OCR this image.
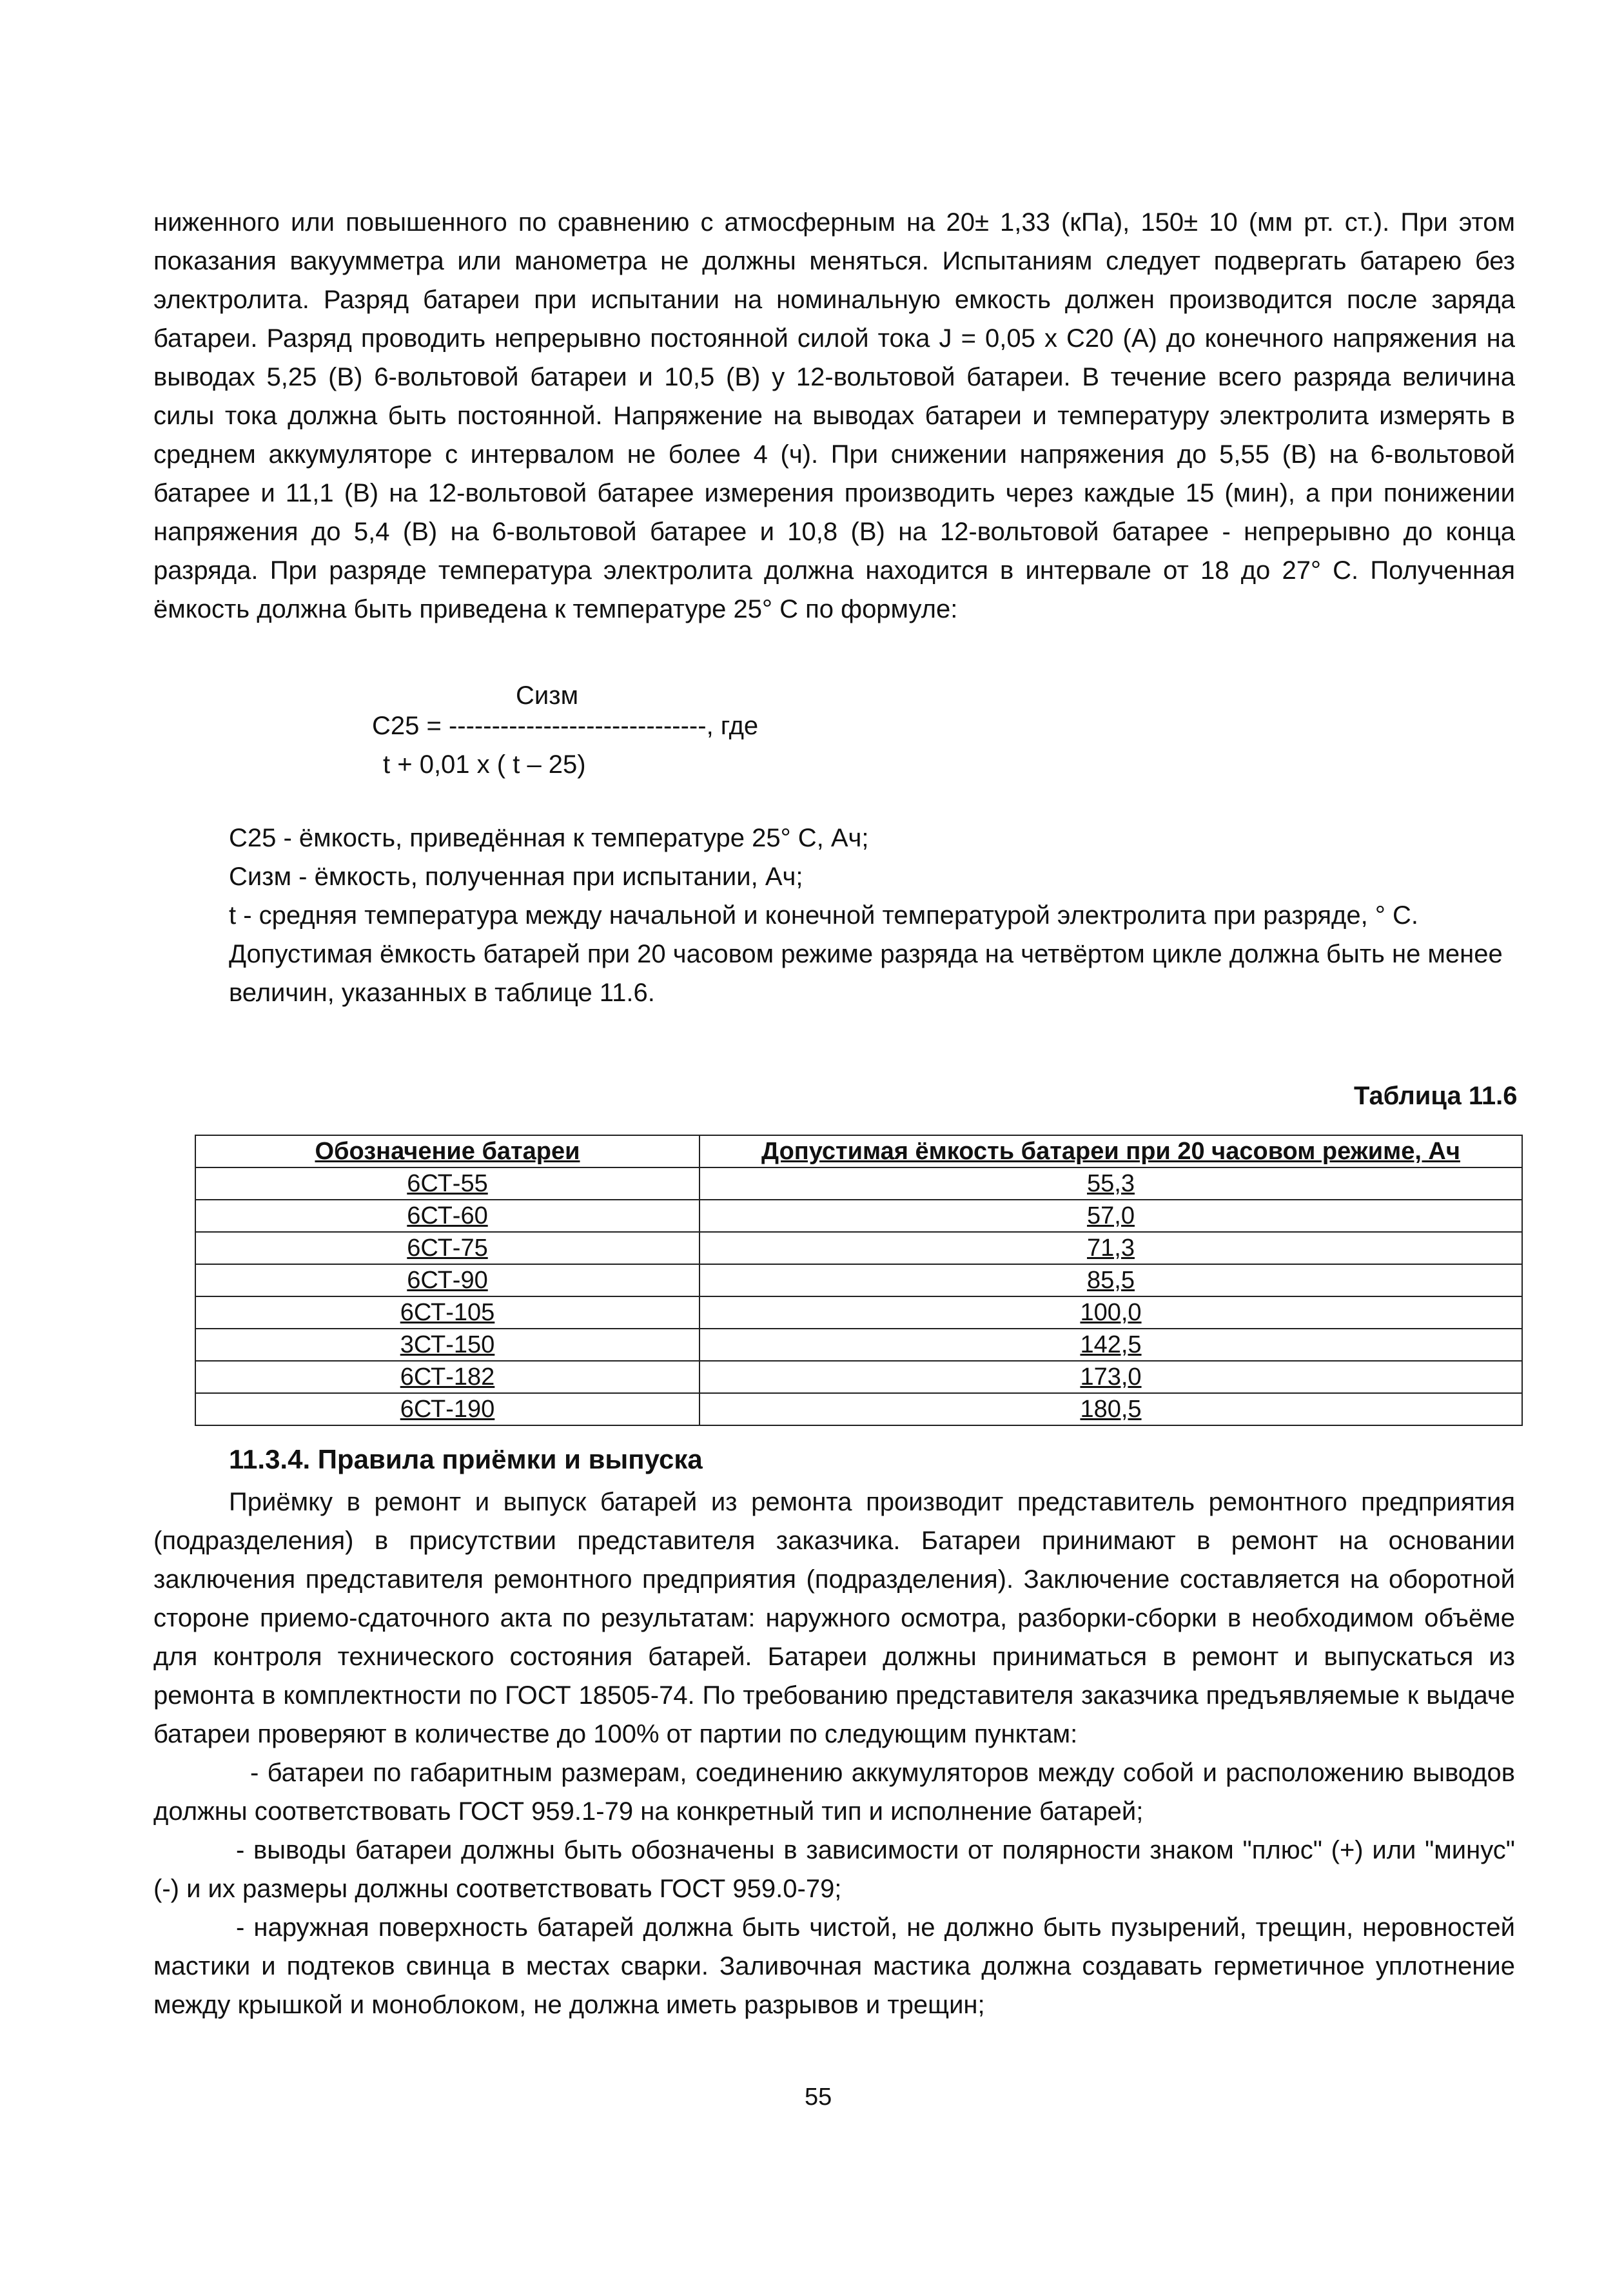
ниженного или повышенного по сравнению с атмосферным на 20± 1,33 (кПа), 150± 10 (мм рт. ст.). При этом показания вакуумметра или манометра не должны меняться. Испытаниям следует подвергать батарею без электролита. Разряд батареи при испытании на номинальную емкость должен производится после заряда батареи. Разряд проводить непрерывно постоянной силой тока J = 0,05 х С20 (А) до конечного напряжения на выводах 5,25 (В) 6-вольтовой батареи и 10,5 (В) у 12-вольтовой батареи. В течение всего разряда величина силы тока должна быть постоянной. Напряжение на выводах батареи и температуру электролита измерять в среднем аккумуляторе с интервалом не более 4 (ч). При снижении напряжения до 5,55 (В) на 6-вольтовой батарее и 11,1 (В) на 12-вольтовой батарее измерения производить через каждые 15 (мин), а при понижении напряжения до 5,4 (В) на 6-вольтовой батарее и 10,8 (В) на 12-вольтовой батарее - непрерывно до конца разряда. При разряде температура электролита должна находится в интервале от 18 до 27° С. Полученная ёмкость должна быть приведена к температуре 25° С по формуле:
Сизм
С25 = ------------------------------, где
t + 0,01 х ( t – 25)
С25 - ёмкость, приведённая к температуре 25° С, Ач;
Сизм - ёмкость, полученная при испытании, Ач;
t - средняя температура между начальной и конечной температурой электролита при разряде, ° С.
Допустимая ёмкость батарей при 20 часовом режиме разряда на четвёртом цикле должна быть не менее величин, указанных в таблице 11.6.
Таблица 11.6
Обозначение батареи	Допустимая ёмкость батареи при 20 часовом режиме, Ач
6СТ-55	55,3
6СТ-60	57,0
6СТ-75	71,3
6СТ-90	85,5
6СТ-105	100,0
3СТ-150	142,5
6СТ-182	173,0
6СТ-190	180,5
11.3.4. Правила приёмки и выпуска
Приёмку в ремонт и выпуск батарей из ремонта производит представитель ремонтного предприятия (подразделения) в присутствии представителя заказчика. Батареи принимают в ремонт на основании заключения представителя ремонтного предприятия (подразделения). Заключение составляется на оборотной стороне приемо-сдаточного акта по результатам: наружного осмотра, разборки-сборки в необходимом объёме для контроля технического состояния батарей. Батареи должны приниматься в ремонт и выпускаться из ремонта в комплектности по ГОСТ 18505-74. По требованию представителя заказчика предъявляемые к выдаче батареи проверяют в количестве до 100% от партии по следующим пунктам:
- батареи по габаритным размерам, соединению аккумуляторов между собой и расположению выводов должны соответствовать ГОСТ 959.1-79 на конкретный тип и исполнение батарей;
- выводы батареи должны быть обозначены в зависимости от полярности знаком "плюс" (+) или "минус" (-) и их размеры должны соответствовать ГОСТ 959.0-79;
- наружная поверхность батарей должна быть чистой, не должно быть пузырений, трещин, неровностей мастики и подтеков свинца в местах сварки. Заливочная мастика должна создавать герметичное уплотнение между крышкой и моноблоком, не должна иметь разрывов и трещин;
55
